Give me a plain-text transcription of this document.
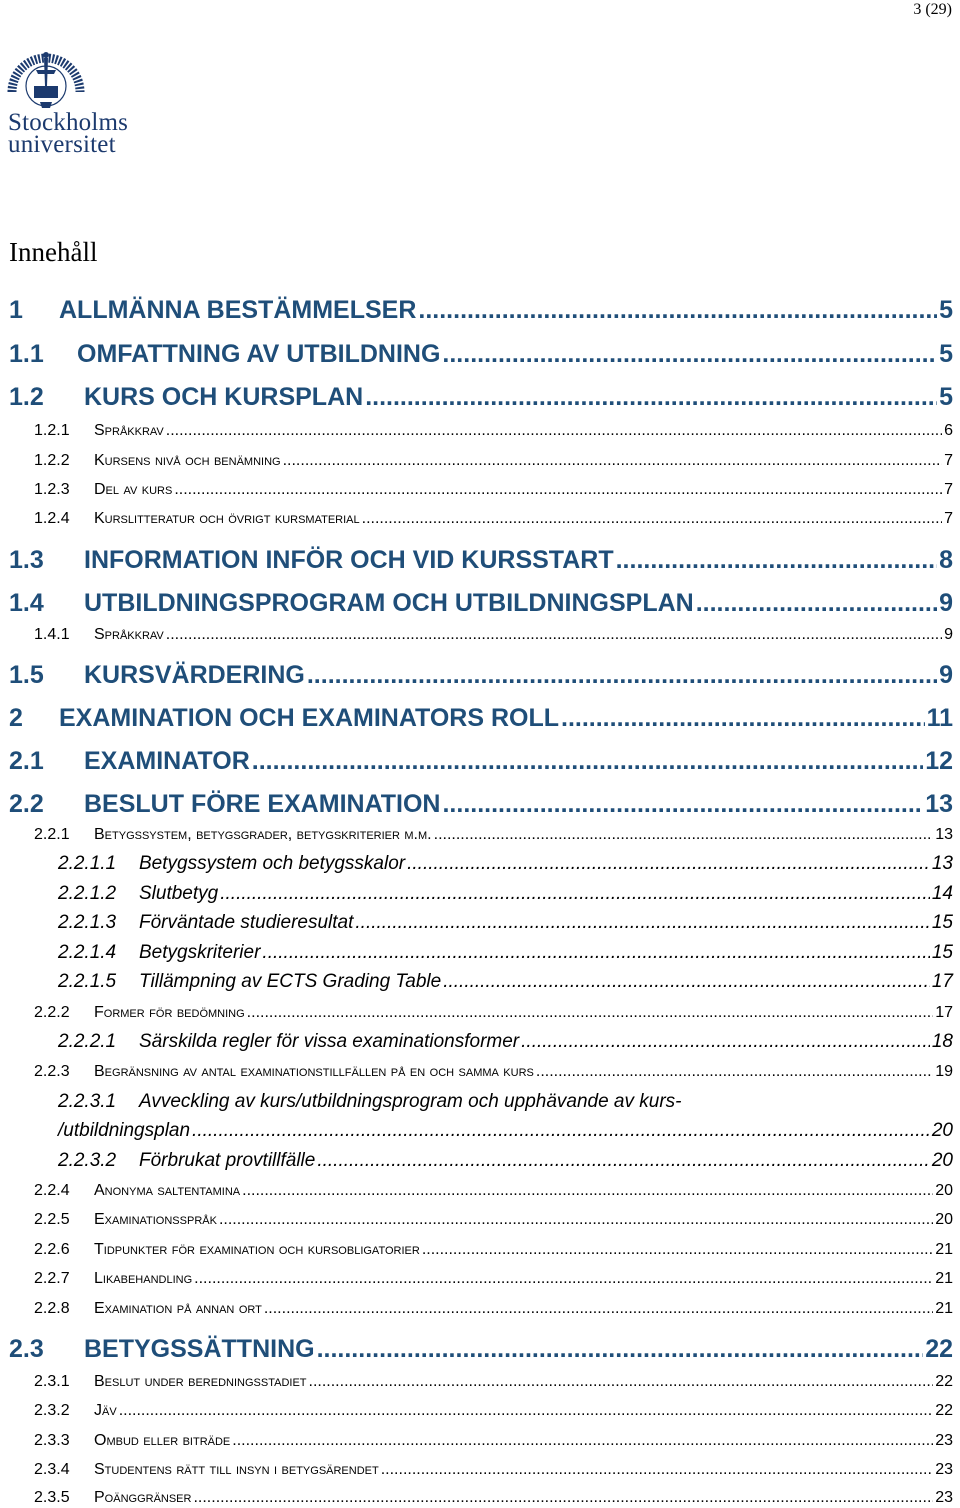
3 (29)
Stockholms
universitet
Innehåll
1	ALLMÄNNA BESTÄMMELSER .....	5
1.1	OMFATTNING AV UTBILDNING .....	5
1.2	KURS OCH KURSPLAN .....	5
1.2.1	Språkkrav .....	6
1.2.2	Kursens nivå och benämning .....	7
1.2.3	Del av kurs .....	7
1.2.4	Kurslitteratur och övrigt kursmaterial .....	7
1.3	INFORMATION INFÖR OCH VID KURSSTART .....	8
1.4	UTBILDNINGSPROGRAM OCH UTBILDNINGSPLAN .....	9
1.4.1	Språkkrav .....	9
1.5	KURSVÄRDERING .....	9
2	EXAMINATION OCH EXAMINATORS ROLL .....	11
2.1	EXAMINATOR .....	12
2.2	BESLUT FÖRE EXAMINATION .....	13
2.2.1	Betygssystem, betygsgrader, betygskriterier m.m. .....	13
2.2.1.1	Betygssystem och betygsskalor .....	13
2.2.1.2	Slutbetyg .....	14
2.2.1.3	Förväntade studieresultat .....	15
2.2.1.4	Betygskriterier .....	15
2.2.1.5	Tillämpning av ECTS Grading Table .....	17
2.2.2	Former för bedömning .....	17
2.2.2.1	Särskilda regler för vissa examinationsformer .....	18
2.2.3	Begränsning av antal examinationstillfällen på en och samma kurs .....	19
2.2.3.1	Avveckling av kurs/utbildningsprogram och upphävande av kurs-
/utbildningsplan .....	20
2.2.3.2	Förbrukat provtillfälle .....	20
2.2.4	Anonyma saltentamina .....	20
2.2.5	Examinationsspråk .....	20
2.2.6	Tidpunkter för examination och kursobligatorier .....	21
2.2.7	Likabehandling .....	21
2.2.8	Examination på annan ort .....	21
2.3	BETYGSSÄTTNING .....	22
2.3.1	Beslut under beredningsstadiet .....	22
2.3.2	Jäv .....	22
2.3.3	Ombud eller biträde .....	23
2.3.4	Studentens rätt till insyn i betygsärendet .....	23
2.3.5	Poänggränser .....	23
